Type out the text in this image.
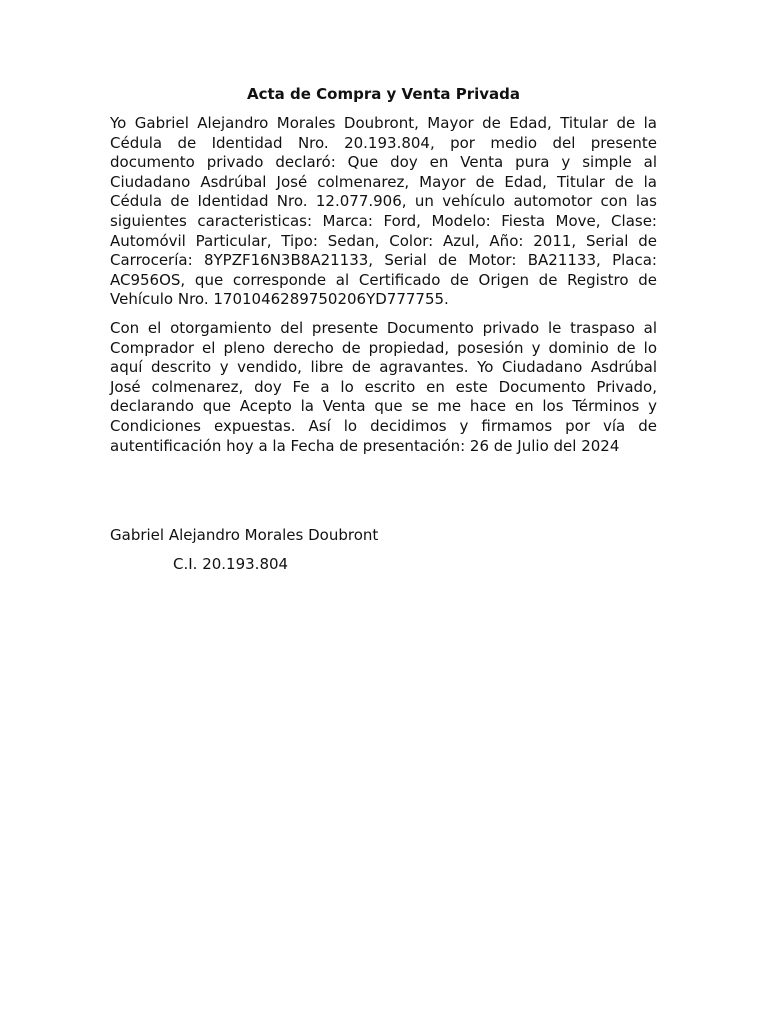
Acta de Compra y Venta Privada

Yo Gabriel Alejandro Morales Doubront, Mayor de Edad, Titular de la Cédula de Identidad Nro. 20.193.804, por medio del presente documento privado declaró: Que doy en Venta pura y simple al Ciudadano Asdrúbal José colmenarez, Mayor de Edad, Titular de la Cédula de Identidad Nro. 12.077.906, un vehículo automotor con las siguientes caracteristicas: Marca: Ford, Modelo: Fiesta Move, Clase: Automóvil Particular, Tipo: Sedan, Color: Azul, Año: 2011, Serial de Carrocería: 8YPZF16N3B8A21133, Serial de Motor: BA21133, Placa: AC956OS, que corresponde al Certificado de Origen de Registro de Vehículo Nro. 1701046289750206YD777755.

Con el otorgamiento del presente Documento privado le traspaso al Comprador el pleno derecho de propiedad, posesión y dominio de lo aquí descrito y vendido, libre de agravantes. Yo Ciudadano Asdrúbal José colmenarez, doy Fe a lo escrito en este Documento Privado, declarando que Acepto la Venta que se me hace en los Términos y Condiciones expuestas. Así lo decidimos y firmamos por vía de autentificación hoy a la Fecha de presentación: 26 de Julio del 2024

Gabriel Alejandro Morales Doubront

C.I. 20.193.804
